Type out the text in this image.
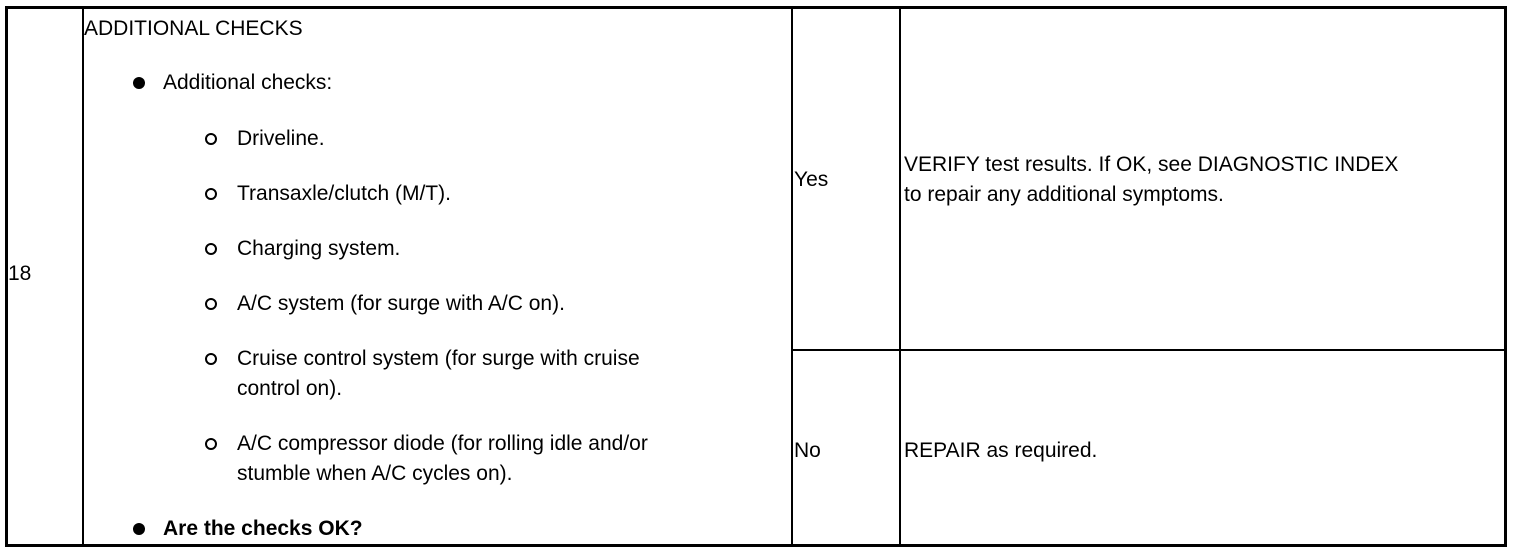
18
ADDITIONAL CHECKS
Additional checks:
Driveline.
Transaxle/clutch (M/T).
Charging system.
A/C system (for surge with A/C on).
Cruise control system (for surge with cruise
control on).
A/C compressor diode (for rolling idle and/or
stumble when A/C cycles on).
Are the checks OK?
Yes
VERIFY test results. If OK, see DIAGNOSTIC INDEX
to repair any additional symptoms.
No	REPAIR as required.
